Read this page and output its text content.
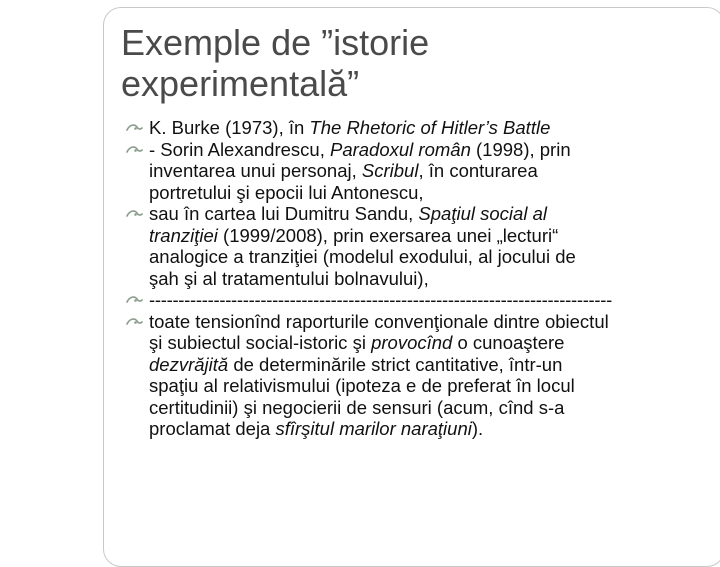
Exemple de ”istorie
experimentală”
K. Burke (1973), în The Rhetoric of Hitler’s Battle
- Sorin Alexandrescu, Paradoxul român (1998), prin
inventarea unui personaj, Scribul, în conturarea
portretului şi epocii lui Antonescu,
sau în cartea lui Dumitru Sandu, Spaţiul social al
tranziţiei (1999/2008), prin exersarea unei „lecturi“
analogice a tranziţiei (modelul exodului, al jocului de
şah şi al tratamentului bolnavului),
-------------------------------------------------------------------------------
toate tensionînd raporturile convenţionale dintre obiectul
şi subiectul social-istoric şi provocînd o cunoaştere
dezvrăjită de determinările strict cantitative, într-un
spaţiu al relativismului (ipoteza e de preferat în locul
certitudinii) şi negocierii de sensuri (acum, cînd s-a
proclamat deja sfîrşitul marilor naraţiuni).
